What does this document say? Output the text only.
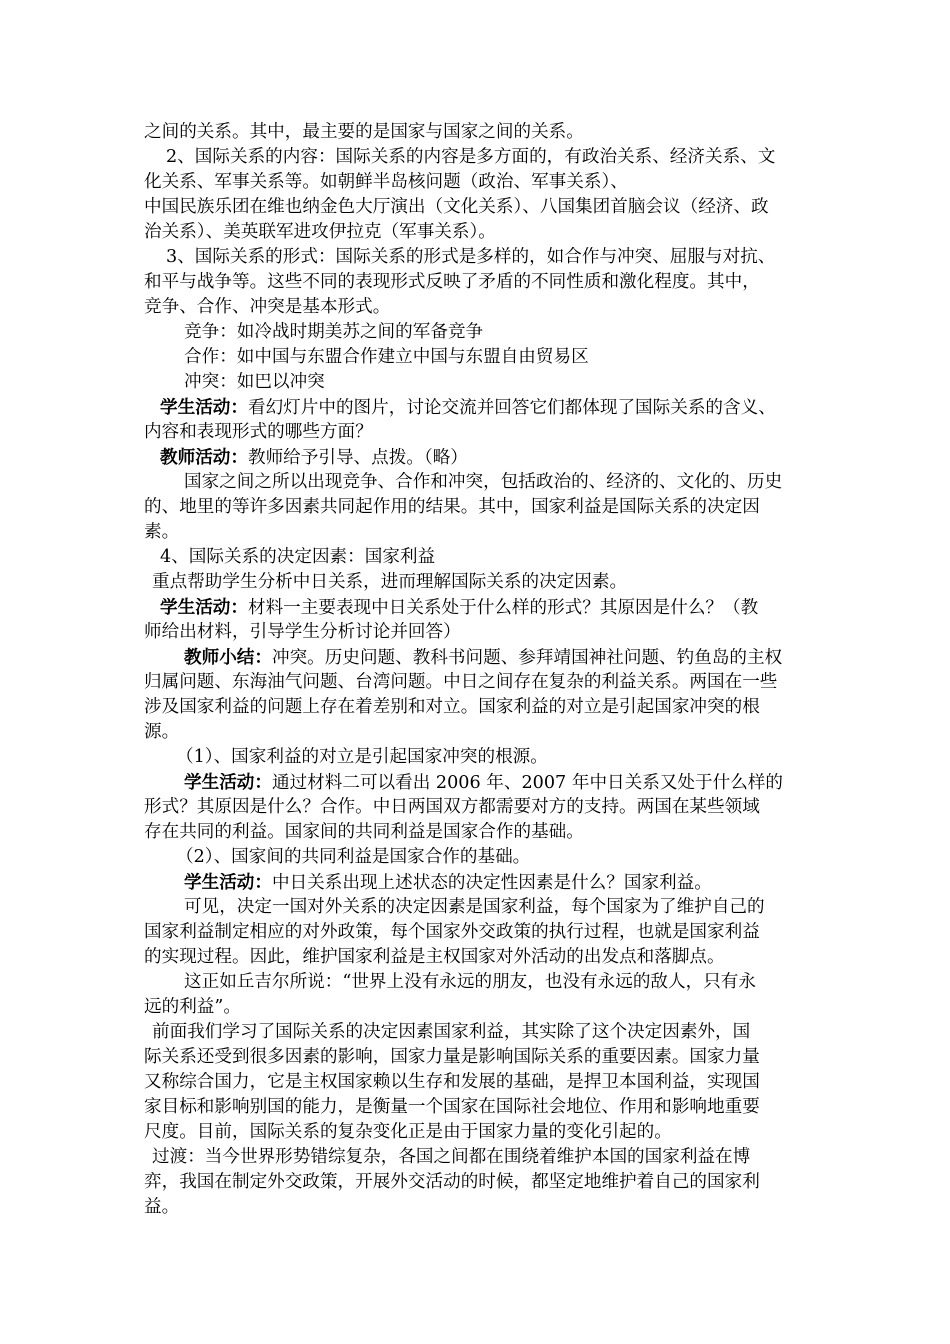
之间的关系。其中，最主要的是国家与国家之间的关系。
2、国际关系的内容：国际关系的内容是多方面的，有政治关系、经济关系、文
化关系、军事关系等。如朝鲜半岛核问题（政治、军事关系）、
中国民族乐团在维也纳金色大厅演出（文化关系）、八国集团首脑会议（经济、政
治关系）、美英联军进攻伊拉克（军事关系）。
3、国际关系的形式：国际关系的形式是多样的，如合作与冲突、屈服与对抗、
和平与战争等。这些不同的表现形式反映了矛盾的不同性质和激化程度。其中，
竞争、合作、冲突是基本形式。
竞争：如冷战时期美苏之间的军备竞争
合作：如中国与东盟合作建立中国与东盟自由贸易区
冲突：如巴以冲突
学生活动：看幻灯片中的图片，讨论交流并回答它们都体现了国际关系的含义、
内容和表现形式的哪些方面？
教师活动：教师给予引导、点拨。（略）
国家之间之所以出现竞争、合作和冲突，包括政治的、经济的、文化的、历史
的、地里的等许多因素共同起作用的结果。其中，国家利益是国际关系的决定因
素。
4、国际关系的决定因素：国家利益
重点帮助学生分析中日关系，进而理解国际关系的决定因素。
学生活动：材料一主要表现中日关系处于什么样的形式？其原因是什么？（教
师给出材料，引导学生分析讨论并回答）
教师小结：冲突。历史问题、教科书问题、参拜靖国神社问题、钓鱼岛的主权
归属问题、东海油气问题、台湾问题。中日之间存在复杂的利益关系。两国在一些
涉及国家利益的问题上存在着差别和对立。国家利益的对立是引起国家冲突的根
源。
（1）、国家利益的对立是引起国家冲突的根源。
学生活动：通过材料二可以看出 2006 年、2007 年中日关系又处于什么样的
形式？其原因是什么？合作。中日两国双方都需要对方的支持。两国在某些领域
存在共同的利益。国家间的共同利益是国家合作的基础。
（2）、国家间的共同利益是国家合作的基础。
学生活动：中日关系出现上述状态的决定性因素是什么？国家利益。
可见，决定一国对外关系的决定因素是国家利益，每个国家为了维护自己的
国家利益制定相应的对外政策，每个国家外交政策的执行过程，也就是国家利益
的实现过程。因此，维护国家利益是主权国家对外活动的出发点和落脚点。
这正如丘吉尔所说：“世界上没有永远的朋友，也没有永远的敌人，只有永
远的利益”。
前面我们学习了国际关系的决定因素国家利益，其实除了这个决定因素外，国
际关系还受到很多因素的影响，国家力量是影响国际关系的重要因素。国家力量
又称综合国力，它是主权国家赖以生存和发展的基础，是捍卫本国利益，实现国
家目标和影响别国的能力，是衡量一个国家在国际社会地位、作用和影响地重要
尺度。目前，国际关系的复杂变化正是由于国家力量的变化引起的。
过渡：当今世界形势错综复杂，各国之间都在围绕着维护本国的国家利益在博
弈，我国在制定外交政策，开展外交活动的时候，都坚定地维护着自己的国家利
益。
